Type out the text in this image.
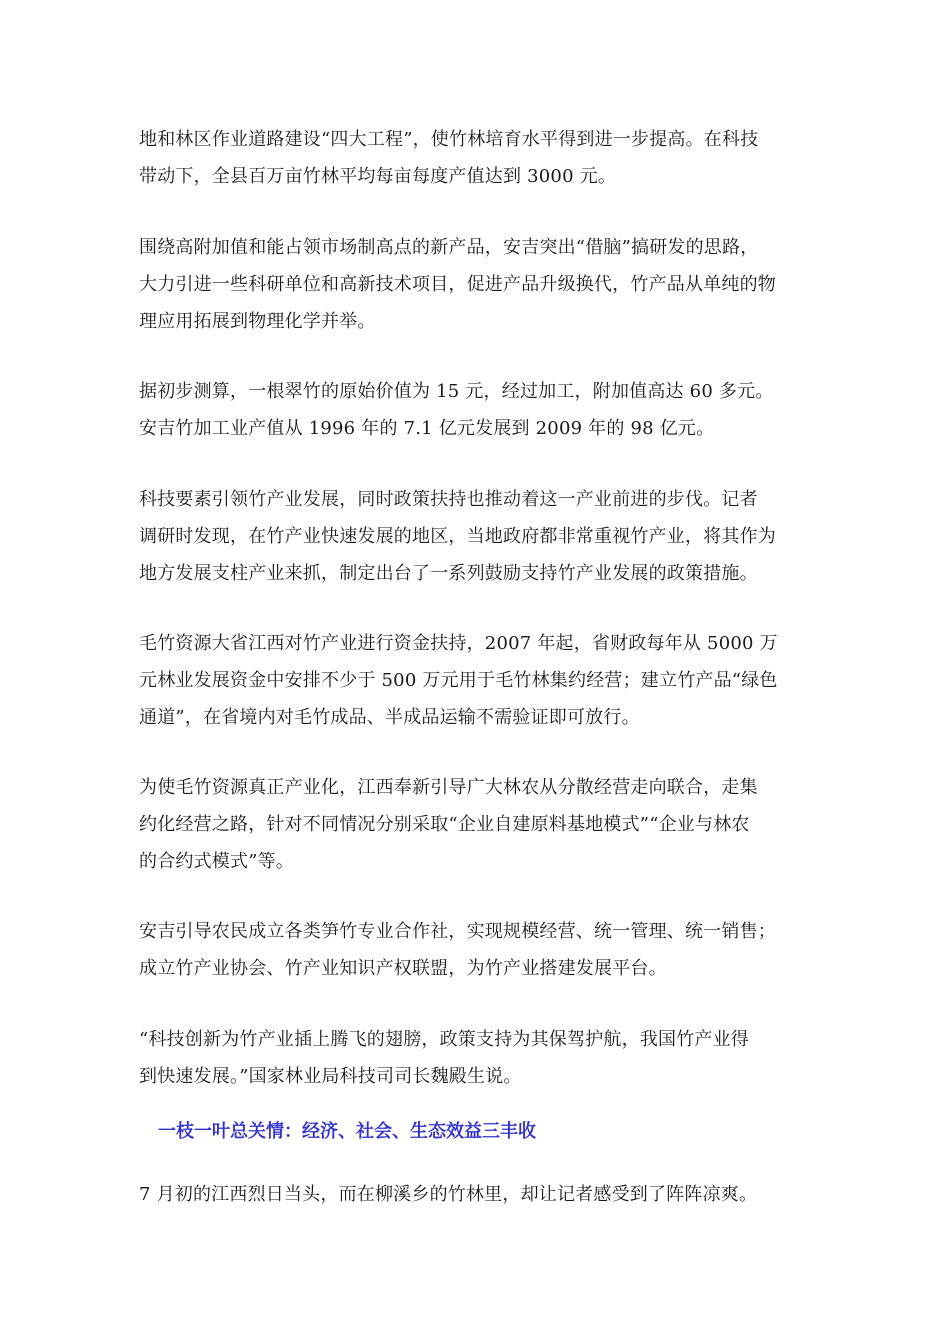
地和林区作业道路建设“四大工程”，使竹林培育水平得到进一步提高。在科技
带动下，全县百万亩竹林平均每亩每度产值达到 3000 元。

围绕高附加值和能占领市场制高点的新产品，安吉突出“借脑”搞研发的思路，
大力引进一些科研单位和高新技术项目，促进产品升级换代，竹产品从单纯的物
理应用拓展到物理化学并举。

据初步测算，一根翠竹的原始价值为 15 元，经过加工，附加值高达 60 多元。
安吉竹加工业产值从 1996 年的 7.1 亿元发展到 2009 年的 98 亿元。

科技要素引领竹产业发展，同时政策扶持也推动着这一产业前进的步伐。记者
调研时发现，在竹产业快速发展的地区，当地政府都非常重视竹产业，将其作为
地方发展支柱产业来抓，制定出台了一系列鼓励支持竹产业发展的政策措施。

毛竹资源大省江西对竹产业进行资金扶持，2007 年起，省财政每年从 5000 万
元林业发展资金中安排不少于 500 万元用于毛竹林集约经营；建立竹产品“绿色
通道”，在省境内对毛竹成品、半成品运输不需验证即可放行。

为使毛竹资源真正产业化，江西奉新引导广大林农从分散经营走向联合，走集
约化经营之路，针对不同情况分别采取“企业自建原料基地模式”“企业与林农
的合约式模式”等。

安吉引导农民成立各类笋竹专业合作社，实现规模经营、统一管理、统一销售；
成立竹产业协会、竹产业知识产权联盟，为竹产业搭建发展平台。

“科技创新为竹产业插上腾飞的翅膀，政策支持为其保驾护航，我国竹产业得
到快速发展。”国家林业局科技司司长魏殿生说。

一枝一叶总关情：经济、社会、生态效益三丰收

7 月初的江西烈日当头，而在柳溪乡的竹林里，却让记者感受到了阵阵凉爽。
